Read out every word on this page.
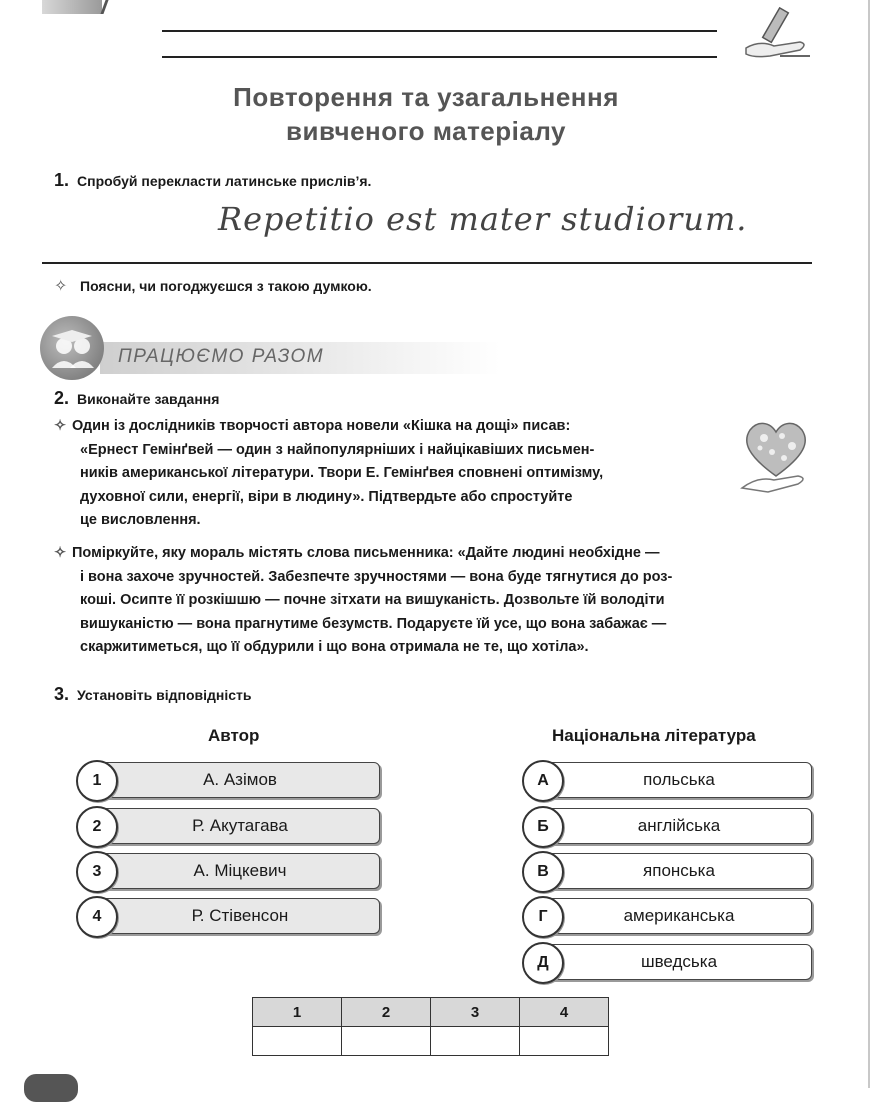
Повторення та узагальнення
вивченого матеріалу
1. Спробуй перекласти латинське прислів’я.
Repetitio est mater studiorum.
✧ Поясни, чи погоджуєшся з такою думкою.
ПРАЦЮЄМО РАЗОМ
2. Виконайте завдання
✧ Один із дослідників творчості автора новели «Кішка на дощі» писав:
«Ернест Гемінґвей — один з найпопулярніших і найцікавіших письмен-
ників американської літератури. Твори Е. Гемінґвея сповнені оптимізму,
духовної сили, енергії, віри в людину». Підтвердьте або спростуйте
це висловлення.
✧ Поміркуйте, яку мораль містять слова письменника: «Дайте людині необхідне —
і вона захоче зручностей. Забезпечте зручностями — вона буде тягнутися до роз-
коші. Осипте її розкішшю — почне зітхати на вишуканість. Дозвольте їй володіти
вишуканістю — вона прагнутиме безумств. Подаруєте їй усе, що вона забажає —
скаржитиметься, що її обдурили і що вона отримала не те, що хотіла».
3. Установіть відповідність
Автор	Національна література
А. Азімов
1
Р. Акутагава
2
А. Міцкевич
3
Р. Стівенсон
4
польська
А
англійська
Б
японська
В
американська
Г
шведська
Д
1	2	3	4
